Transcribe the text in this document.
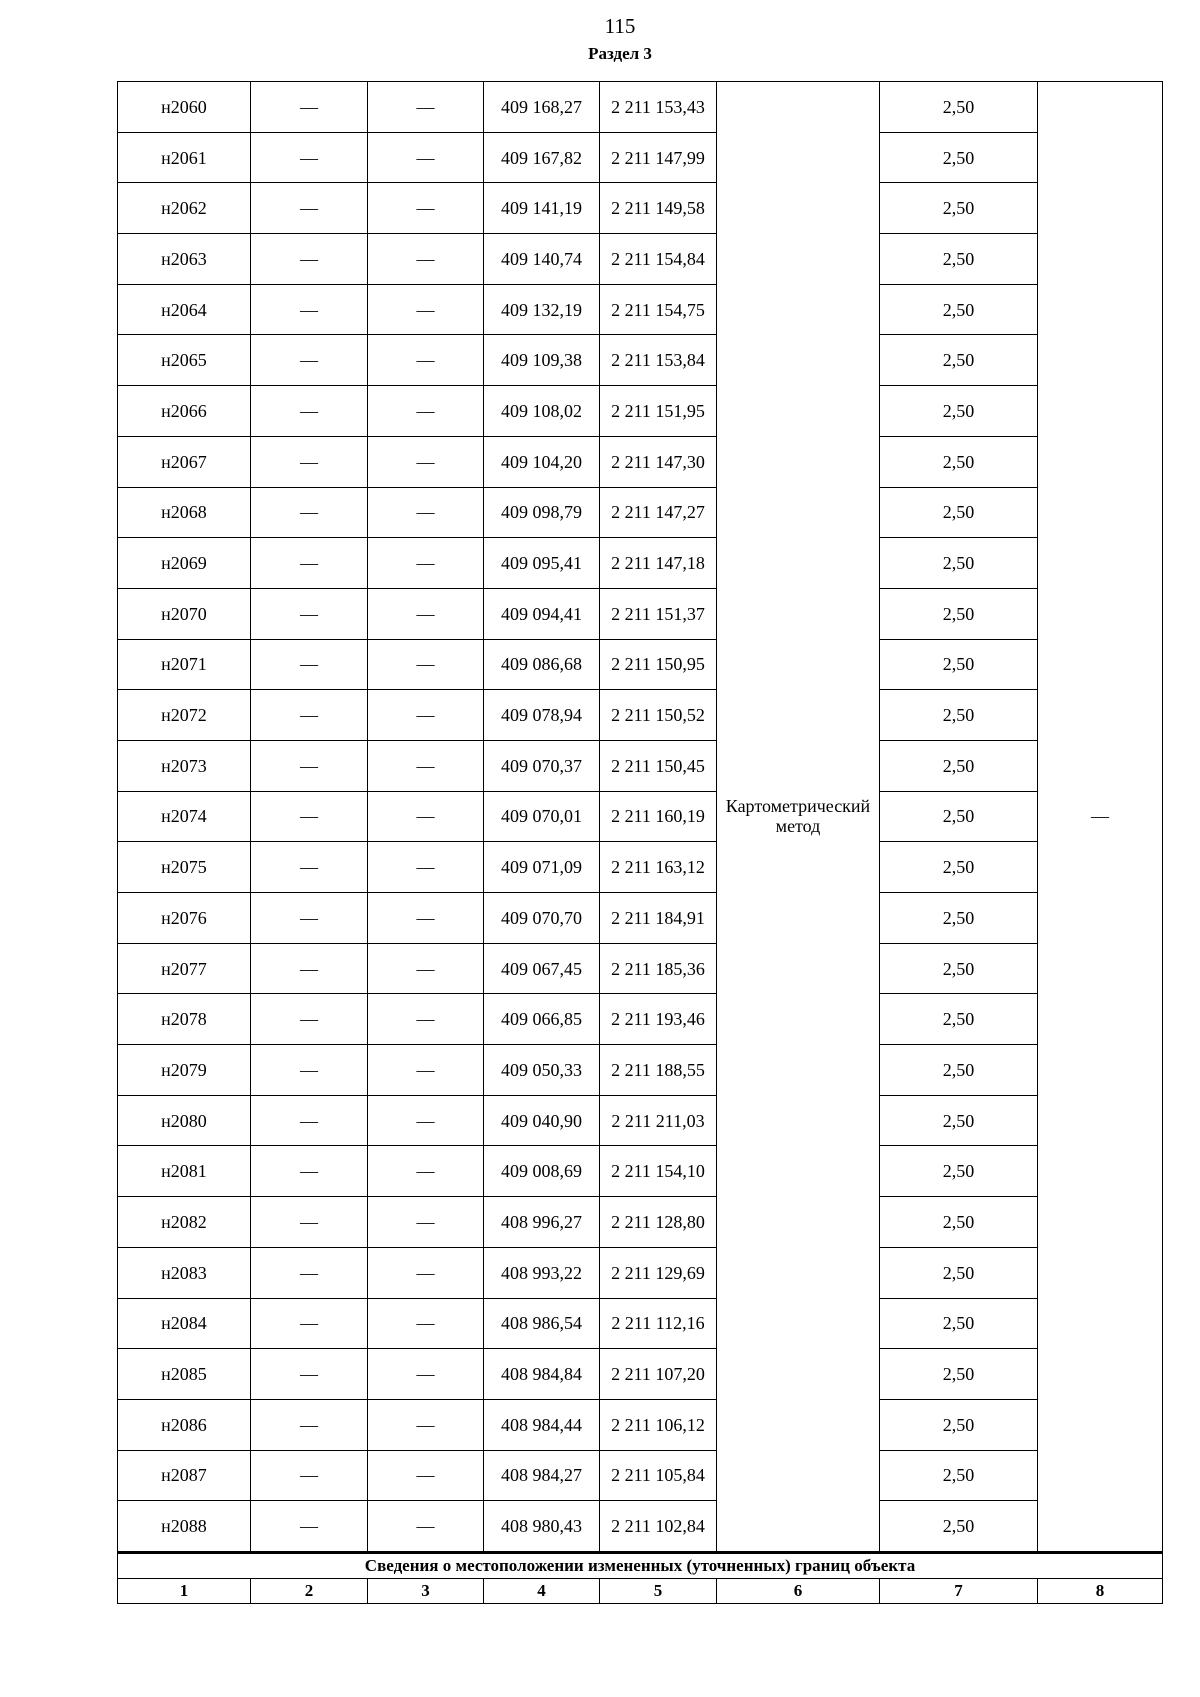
115
Раздел 3
н2060	—	—	409 168,27	2 211 153,43	Картометрический метод	2,50	—
н2061	—	—	409 167,82	2 211 147,99		2,50	
н2062	—	—	409 141,19	2 211 149,58		2,50	
н2063	—	—	409 140,74	2 211 154,84		2,50	
н2064	—	—	409 132,19	2 211 154,75		2,50	
н2065	—	—	409 109,38	2 211 153,84		2,50	
н2066	—	—	409 108,02	2 211 151,95		2,50	
н2067	—	—	409 104,20	2 211 147,30		2,50	
н2068	—	—	409 098,79	2 211 147,27		2,50	
н2069	—	—	409 095,41	2 211 147,18		2,50	
н2070	—	—	409 094,41	2 211 151,37		2,50	
н2071	—	—	409 086,68	2 211 150,95		2,50	
н2072	—	—	409 078,94	2 211 150,52		2,50	
н2073	—	—	409 070,37	2 211 150,45		2,50	
н2074	—	—	409 070,01	2 211 160,19		2,50	
н2075	—	—	409 071,09	2 211 163,12		2,50	
н2076	—	—	409 070,70	2 211 184,91		2,50	
н2077	—	—	409 067,45	2 211 185,36		2,50	
н2078	—	—	409 066,85	2 211 193,46		2,50	
н2079	—	—	409 050,33	2 211 188,55		2,50	
н2080	—	—	409 040,90	2 211 211,03		2,50	
н2081	—	—	409 008,69	2 211 154,10		2,50	
н2082	—	—	408 996,27	2 211 128,80		2,50	
н2083	—	—	408 993,22	2 211 129,69		2,50	
н2084	—	—	408 986,54	2 211 112,16		2,50	
н2085	—	—	408 984,84	2 211 107,20		2,50	
н2086	—	—	408 984,44	2 211 106,12		2,50	
н2087	—	—	408 984,27	2 211 105,84		2,50	
н2088	—	—	408 980,43	2 211 102,84		2,50	
Сведения о местоположении измененных (уточненных) границ объекта							
1	2	3	4	5	6	7	8
